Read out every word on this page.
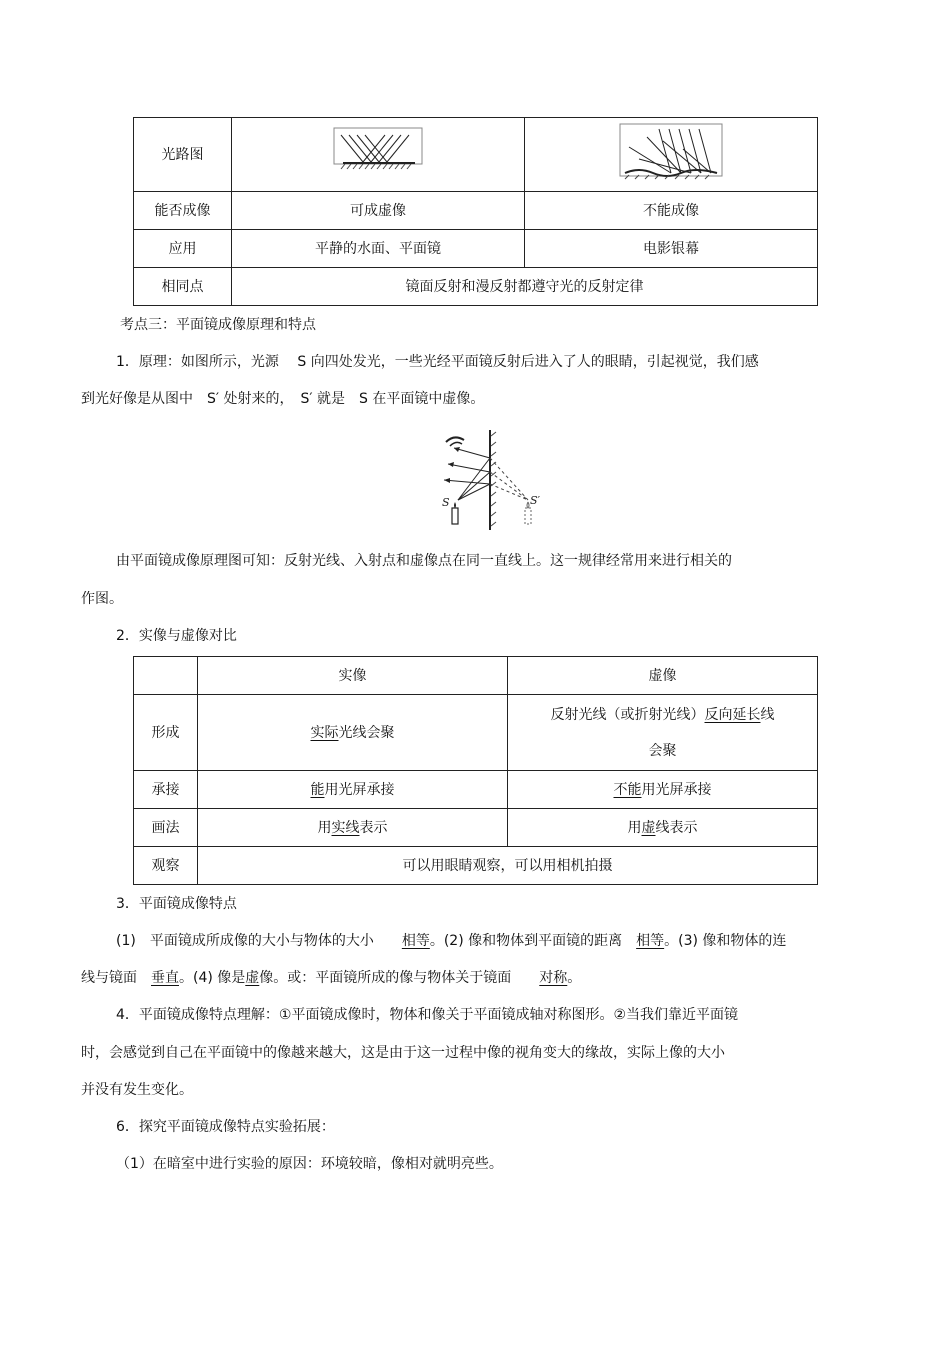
光路图		
能否成像	可成虚像	不能成像
应用	平静的水面、平面镜	电影银幕
相同点	镜面反射和漫反射都遵守光的反射定律	
考点三：平面镜成像原理和特点
1．原理：如图所示，光源　 S 向四处发光，一些光经平面镜反射后进入了人的眼睛，引起视觉，我们感
到光好像是从图中　S′ 处射来的，　S′ 就是　S 在平面镜中虚像。
S	S′
由平面镜成像原理图可知：反射光线、入射点和虚像点在同一直线上。这一规律经常用来进行相关的
作图。
2．实像与虚像对比
	实像	虚像
形成	实际光线会聚	反射光线（或折射光线）反向延长线
会聚
承接	能用光屏承接	不能用光屏承接
画法	用实线表示	用虚线表示
观察	可以用眼睛观察，可以用相机拍摄	
3．平面镜成像特点
(1)　平面镜成所成像的大小与物体的大小　　相等。(2) 像和物体到平面镜的距离　相等。(3) 像和物体的连
线与镜面　垂直。(4) 像是虚像。或：平面镜所成的像与物体关于镜面　　对称。
4．平面镜成像特点理解：①平面镜成像时，物体和像关于平面镜成轴对称图形。②当我们靠近平面镜
时，会感觉到自己在平面镜中的像越来越大，这是由于这一过程中像的视角变大的缘故，实际上像的大小
并没有发生变化。
6．探究平面镜成像特点实验拓展：
（1）在暗室中进行实验的原因：环境较暗，像相对就明亮些。
